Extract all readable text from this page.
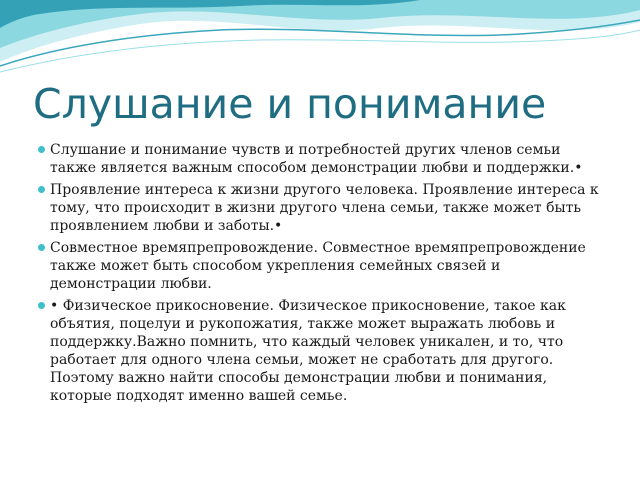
Слушание и понимание
Слушание и понимание чувств и потребностей других членов семьи также является важным способом демонстрации любви и поддержки.•
Проявление интереса к жизни другого человека. Проявление интереса к тому, что происходит в жизни другого члена семьи, также может быть проявлением любви и заботы.•
Совместное времяпрепровождение. Совместное времяпрепровождение также может быть способом укрепления семейных связей и демонстрации любви.
• Физическое прикосновение. Физическое прикосновение, такое как объятия, поцелуи и рукопожатия, также может выражать любовь и поддержку.Важно помнить, что каждый человек уникален, и то, что работает для одного члена семьи, может не сработать для другого. Поэтому важно найти способы демонстрации любви и понимания, которые подходят именно вашей семье.
